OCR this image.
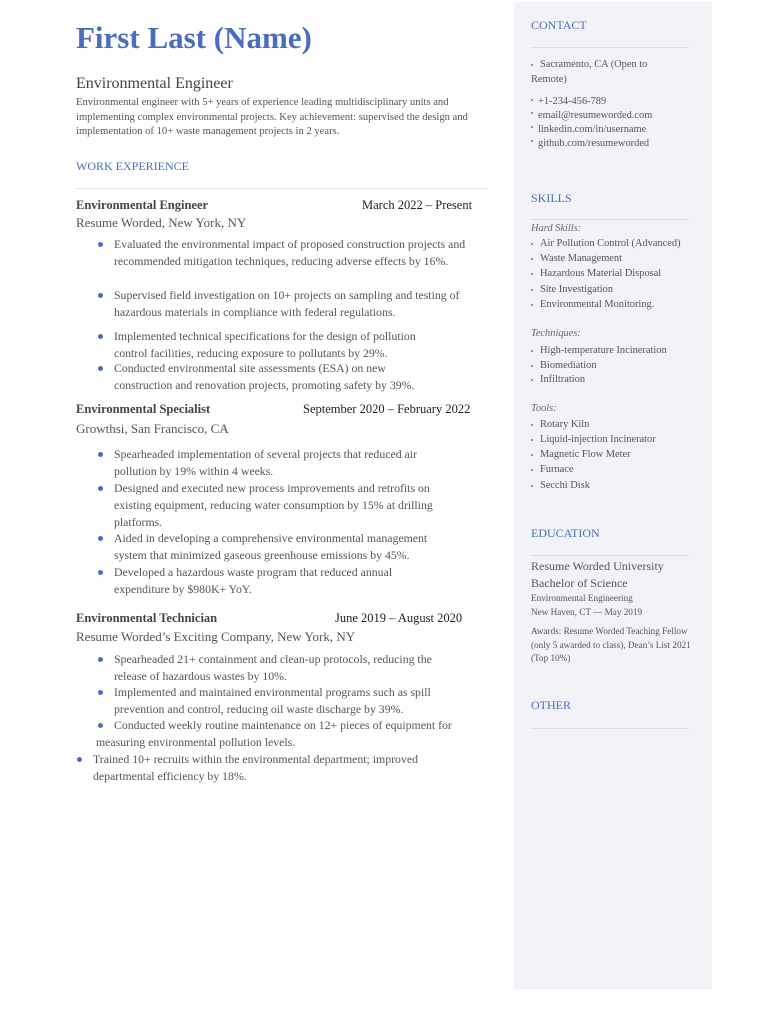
First Last (Name)
Environmental Engineer
Environmental engineer with 5+ years of experience leading multidisciplinary units and implementing complex environmental projects. Key achievement: supervised the design and implementation of 10+ waste management projects in 2 years.
WORK EXPERIENCE
Environmental Engineer	March 2022 – Present
Resume Worded, New York, NY
Evaluated the environmental impact of proposed construction projects and recommended mitigation techniques, reducing adverse effects by 16%.
Supervised field investigation on 10+ projects on sampling and testing of hazardous materials in compliance with federal regulations.
Implemented technical specifications for the design of pollution control facilities, reducing exposure to pollutants by 29%.
Conducted environmental site assessments (ESA) on new construction and renovation projects, promoting safety by 39%.
Environmental Specialist	September 2020 – February 2022
Growthsi, San Francisco, CA
Spearheaded implementation of several projects that reduced air pollution by 19% within 4 weeks.
Designed and executed new process improvements and retrofits on existing equipment, reducing water consumption by 15% at drilling platforms.
Aided in developing a comprehensive environmental management system that minimized gaseous greenhouse emissions by 45%.
Developed a hazardous waste program that reduced annual expenditure by $980K+ YoY.
Environmental Technician	June 2019 – August 2020
Resume Worded’s Exciting Company, New York, NY
Spearheaded 21+ containment and clean-up protocols, reducing the release of hazardous wastes by 10%.
Implemented and maintained environmental programs such as spill prevention and control, reducing oil waste discharge by 39%.
Conducted weekly routine maintenance on 12+ pieces of equipment for measuring environmental pollution levels.
Trained 10+ recruits within the environmental department; improved departmental efficiency by 18%.
CONTACT
Sacramento, CA (Open to Remote)
+1-234-456-789
email@resumeworded.com
linkedin.com/in/username
github.com/resumeworded
SKILLS
Hard Skills:
Air Pollution Control (Advanced)
Waste Management
Hazardous Material Disposal
Site Investigation
Environmental Monitoring.
Techniques:
High-temperature Incineration
Biomediation
Infiltration
Tools:
Rotary Kiln
Liquid-injection Incinerator
Magnetic Flow Meter
Furnace
Secchi Disk
EDUCATION
Resume Worded University
Bachelor of Science
Environmental Engineering
New Haven, CT — May 2019
Awards: Resume Worded Teaching Fellow (only 5 awarded to class), Dean’s List 2021 (Top 10%)
OTHER
